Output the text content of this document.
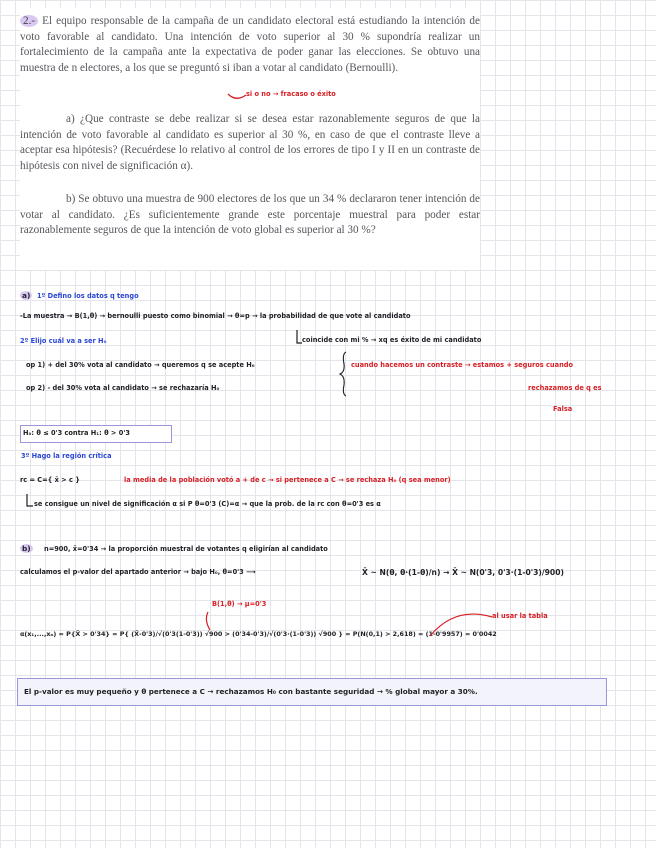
2.- El equipo responsable de la campaña de un candidato electoral está estudiando la intención de voto favorable al candidato. Una intención de voto superior al 30 % supondría realizar un fortalecimiento de la campaña ante la expectativa de poder ganar las elecciones. Se obtuvo una muestra de n electores, a los que se preguntó si iban a votar al candidato (Bernoulli).

a) ¿Que contraste se debe realizar si se desea estar razonablemente seguros de que la intención de voto favorable al candidato es superior al 30 %, en caso de que el contraste lleve a aceptar esa hipótesis? (Recuérdese lo relativo al control de los errores de tipo I y II en un contraste de hipótesis con nivel de significación α).

b) Se obtuvo una muestra de 900 electores de los que un 34 % declararon tener intención de votar al candidato. ¿Es suficientemente grande este porcentaje muestral para poder estar razonablemente seguros de que la intención de voto global es superior al 30 %?

si o no → fracaso o éxito
a)	1º Defino los datos q tengo
-La muestra → B(1,θ) → bernoulli puesto como binomial → θ=p → la probabilidad de que vote al candidato
2º Elijo cuál va a ser H₀	coincide con mi % → xq es éxito de mi candidato
op 1) + del 30% vota al candidato → queremos q se acepte H₀
op 2) - del 30% vota al candidato → se rechazaría H₀
cuando hacemos un contraste → estamos + seguros cuando
rechazamos de q es
Falsa
H₀: θ ≤ 0'3 contra H₁: θ > 0'3
3º Hago la región crítica
rc = C={ x̄ > c }	la media de la población votó a + de c → si pertenece a C → se rechaza H₀ (q sea menor)
se consigue un nivel de significación α si P θ=0'3 (C)=α → que la prob. de la rc con θ=0'3 es α
b)	n=900, x̄=0'34 → la proporción muestral de votantes q eligirían al candidato
calculamos el p-valor del apartado anterior → bajo H₀, θ=0'3 ⟶	X̄ ~ N(θ, θ·(1-θ)/n) → X̄ ~ N(0'3, 0'3·(1-0'3)/900)
B(1,θ) → μ=0'3
al usar la tabla
α(x₁,...,xₙ) = P{X̄ > 0'34} = P{ (X̄-0'3)/√(0'3(1-0'3)) √900 > (0'34-0'3)/√(0'3·(1-0'3)) √900 } = P(N(0,1) > 2,618) = (1-0'9957) = 0'0042
El p-valor es muy pequeño y θ pertenece a C → rechazamos H₀ con bastante seguridad → % global mayor a 30%.
